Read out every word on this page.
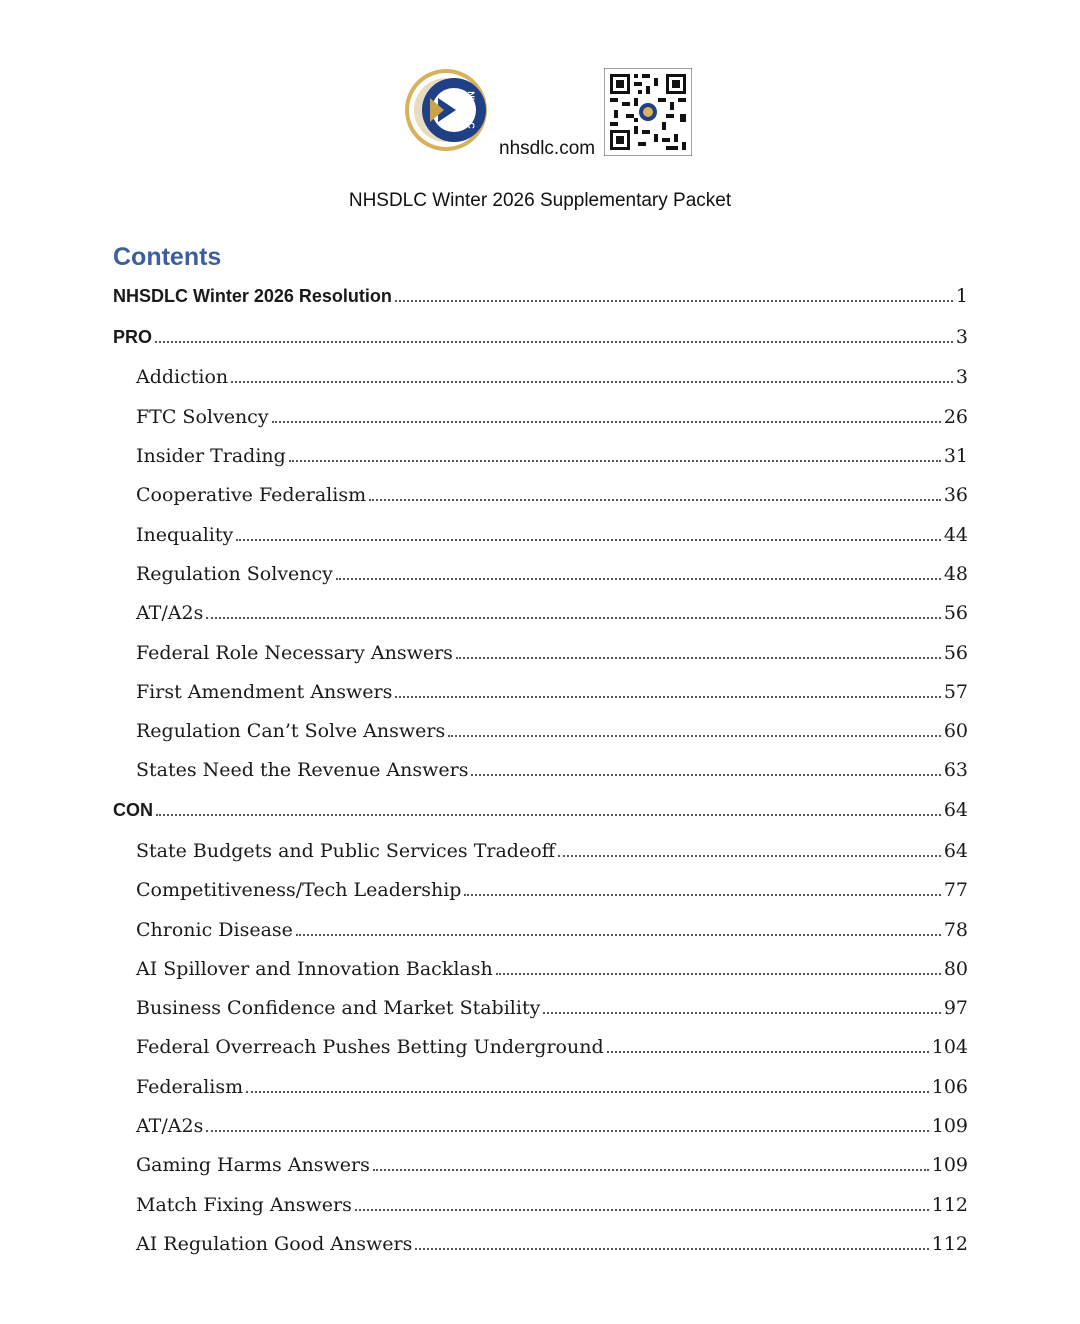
NHSDLC
nhsdlc.com
NHSDLC Winter 2026 Supplementary Packet
Contents
NHSDLC Winter 2026 Resolution	1
PRO	3
Addiction	3
FTC Solvency	26
Insider Trading	31
Cooperative Federalism	36
Inequality	44
Regulation Solvency	48
AT/A2s	56
Federal Role Necessary Answers	56
First Amendment Answers	57
Regulation Can’t Solve Answers	60
States Need the Revenue Answers	63
CON	64
State Budgets and Public Services Tradeoff	64
Competitiveness/Tech Leadership	77
Chronic Disease	78
AI Spillover and Innovation Backlash	80
Business Confidence and Market Stability	97
Federal Overreach Pushes Betting Underground	104
Federalism	106
AT/A2s	109
Gaming Harms Answers	109
Match Fixing Answers	112
AI Regulation Good Answers	112
